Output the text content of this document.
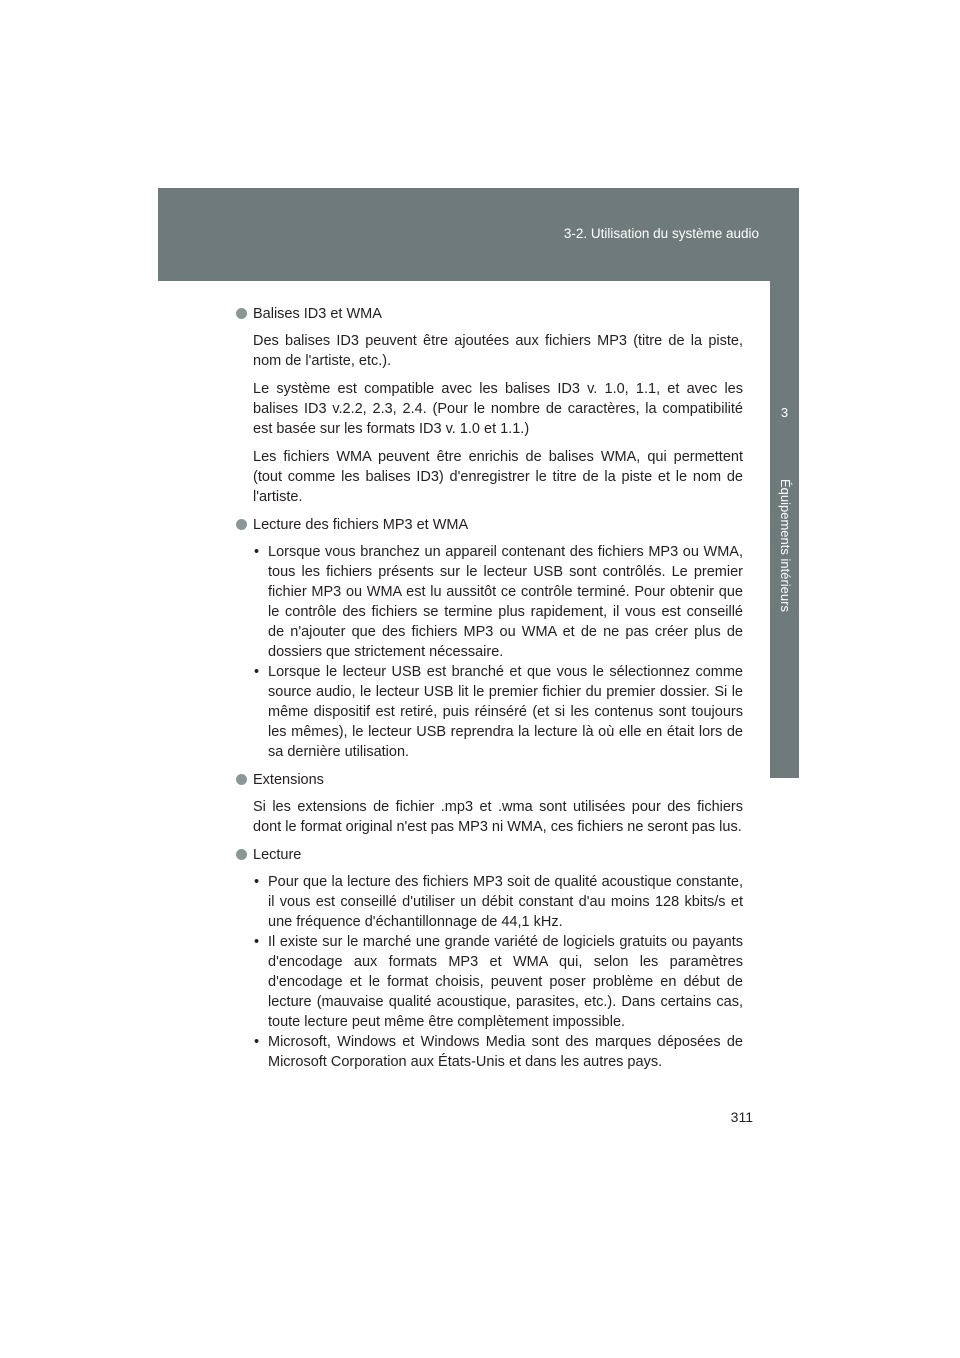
3-2. Utilisation du système audio
3
Équipements intérieurs
Balises ID3 et WMA

Des balises ID3 peuvent être ajoutées aux fichiers MP3 (titre de la piste, nom de l'artiste, etc.).

Le système est compatible avec les balises ID3 v. 1.0, 1.1, et avec les balises ID3 v.2.2, 2.3, 2.4. (Pour le nombre de caractères, la compatibilité est basée sur les formats ID3 v. 1.0 et 1.1.)

Les fichiers WMA peuvent être enrichis de balises WMA, qui permettent (tout comme les balises ID3) d'enregistrer le titre de la piste et le nom de l'artiste.

Lecture des fichiers MP3 et WMA
• Lorsque vous branchez un appareil contenant des fichiers MP3 ou WMA, tous les fichiers présents sur le lecteur USB sont contrôlés. Le premier fichier MP3 ou WMA est lu aussitôt ce contrôle terminé. Pour obtenir que le contrôle des fichiers se termine plus rapidement, il vous est conseillé de n'ajouter que des fichiers MP3 ou WMA et de ne pas créer plus de dossiers que strictement nécessaire.
• Lorsque le lecteur USB est branché et que vous le sélectionnez comme source audio, le lecteur USB lit le premier fichier du premier dossier. Si le même dispositif est retiré, puis réinséré (et si les contenus sont toujours les mêmes), le lecteur USB reprendra la lecture là où elle en était lors de sa dernière utilisation.
Extensions

Si les extensions de fichier .mp3 et .wma sont utilisées pour des fichiers dont le format original n'est pas MP3 ni WMA, ces fichiers ne seront pas lus.

Lecture
• Pour que la lecture des fichiers MP3 soit de qualité acoustique constante, il vous est conseillé d'utiliser un débit constant d'au moins 128 kbits/s et une fréquence d'échantillonnage de 44,1 kHz.
• Il existe sur le marché une grande variété de logiciels gratuits ou payants d'encodage aux formats MP3 et WMA qui, selon les paramètres d'encodage et le format choisis, peuvent poser problème en début de lecture (mauvaise qualité acoustique, parasites, etc.). Dans certains cas, toute lecture peut même être complètement impossible.
• Microsoft, Windows et Windows Media sont des marques déposées de Microsoft Corporation aux États-Unis et dans les autres pays.
311
